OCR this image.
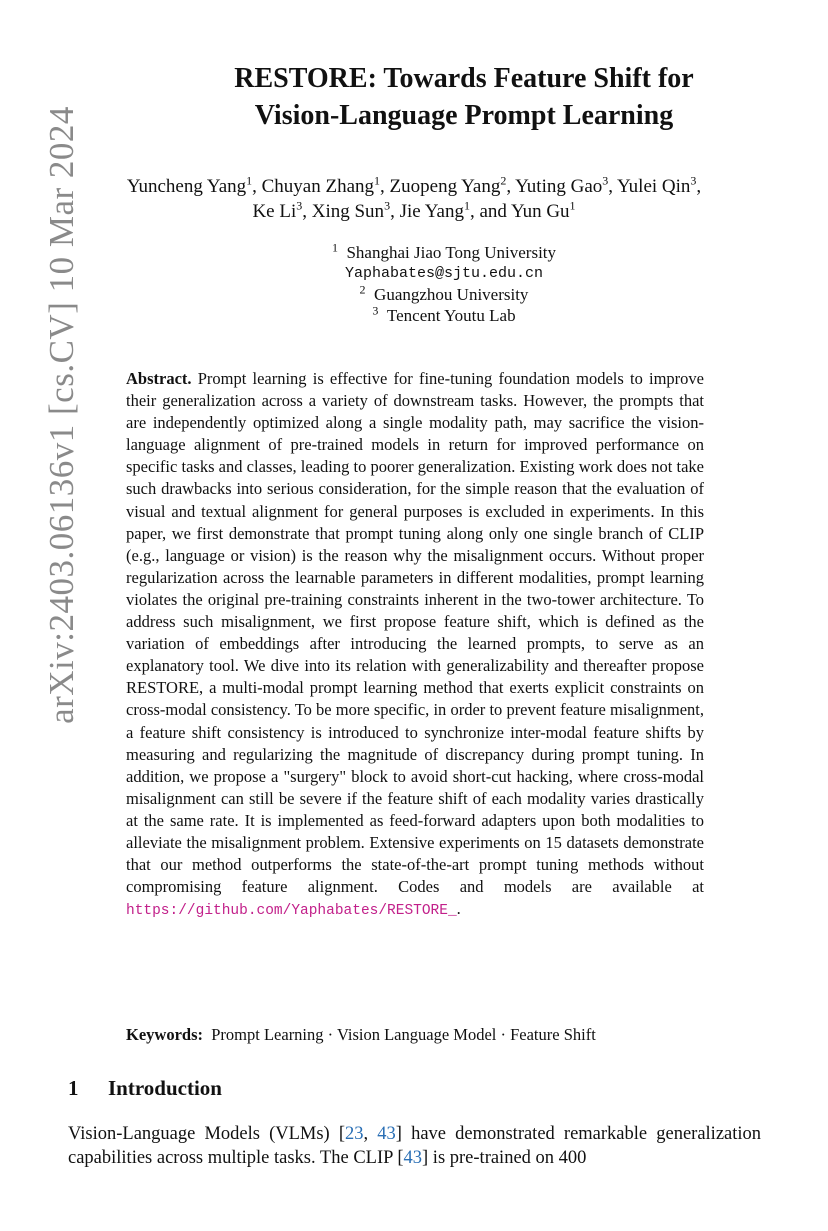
arXiv:2403.06136v1 [cs.CV] 10 Mar 2024
RESTORE: Towards Feature Shift for
Vision-Language Prompt Learning
Yuncheng Yang$^1$, Chuyan Zhang$^1$, Zuopeng Yang$^2$, Yuting Gao$^3$, Yulei Qin$^3$,
Ke Li$^3$, Xing Sun$^3$, Jie Yang$^1$, and Yun Gu$^1$
$^1$ Shanghai Jiao Tong University
Yaphabates@sjtu.edu.cn
$^2$ Guangzhou University
$^3$ Tencent Youtu Lab
Abstract. Prompt learning is effective for fine-tuning foundation models to improve their generalization across a variety of downstream tasks. However, the prompts that are independently optimized along a single modality path, may sacrifice the vision-language alignment of pre-trained models in return for improved performance on specific tasks and classes, leading to poorer generalization. Existing work does not take such drawbacks into serious consideration, for the simple reason that the evaluation of visual and textual alignment for general purposes is excluded in experiments. In this paper, we first demonstrate that prompt tuning along only one single branch of CLIP (e.g., language or vision) is the reason why the misalignment occurs. Without proper regularization across the learnable parameters in different modalities, prompt learning violates the original pre-training constraints inherent in the two-tower architecture. To address such misalignment, we first propose feature shift, which is defined as the variation of embeddings after introducing the learned prompts, to serve as an explanatory tool. We dive into its relation with generalizability and thereafter propose RESTORE, a multi-modal prompt learning method that exerts explicit constraints on cross-modal consistency. To be more specific, in order to prevent feature misalignment, a feature shift consistency is introduced to synchronize inter-modal feature shifts by measuring and regularizing the magnitude of discrepancy during prompt tuning. In addition, we propose a "surgery" block to avoid short-cut hacking, where cross-modal misalignment can still be severe if the feature shift of each modality varies drastically at the same rate. It is implemented as feed-forward adapters upon both modalities to alleviate the misalignment problem. Extensive experiments on 15 datasets demonstrate that our method outperforms the state-of-the-art prompt tuning methods without compromising feature alignment. Codes and models are available at https://github.com/Yaphabates/RESTORE_.
Keywords: Prompt Learning · Vision Language Model · Feature Shift
1 Introduction
Vision-Language Models (VLMs) [23, 43] have demonstrated remarkable generalization capabilities across multiple tasks. The CLIP [43] is pre-trained on 400
